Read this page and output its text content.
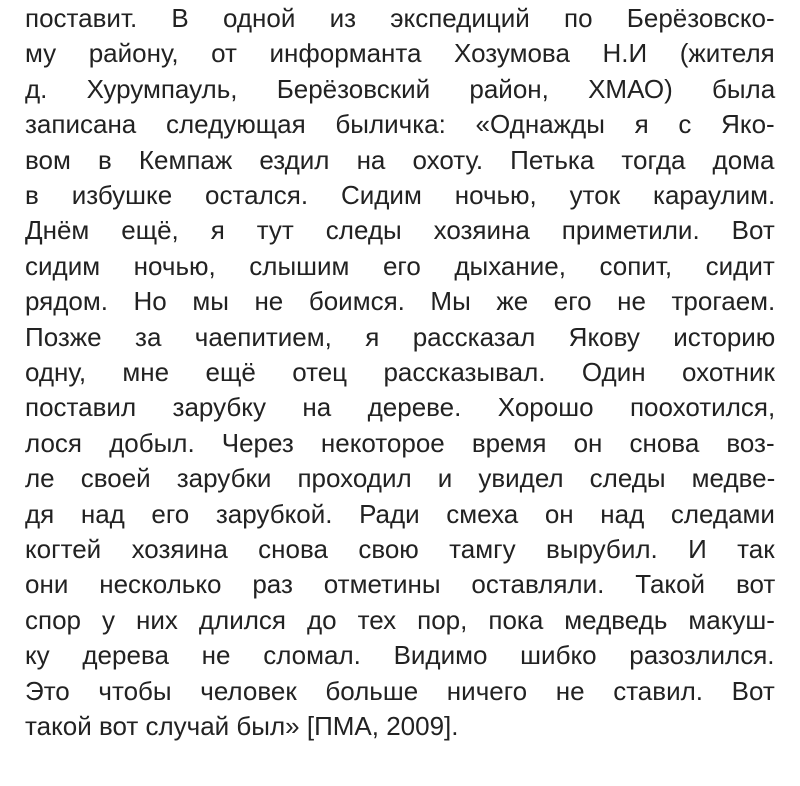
поставит. В одной из экспедиций по Берёзовско-
му району, от информанта Хозумова Н.И (жителя
д. Хурумпауль, Берёзовский район, ХМАО) была
записана следующая быличка: «Однажды я с Яко-
вом в Кемпаж ездил на охоту. Петька тогда дома
в избушке остался. Сидим ночью, уток караулим.
Днём ещё, я тут следы хозяина приметили. Вот
сидим ночью, слышим его дыхание, сопит, сидит
рядом. Но мы не боимся. Мы же его не трогаем.
Позже за чаепитием, я рассказал Якову историю
одну, мне ещё отец рассказывал. Один охотник
поставил зарубку на дереве. Хорошо поохотился,
лося добыл. Через некоторое время он снова воз-
ле своей зарубки проходил и увидел следы медве-
дя над его зарубкой. Ради смеха он над следами
когтей хозяина снова свою тамгу вырубил. И так
они несколько раз отметины оставляли. Такой вот
спор у них длился до тех пор, пока медведь макуш-
ку дерева не сломал. Видимо шибко разозлился.
Это чтобы человек больше ничего не ставил. Вот
такой вот случай был» [ПМА, 2009].
